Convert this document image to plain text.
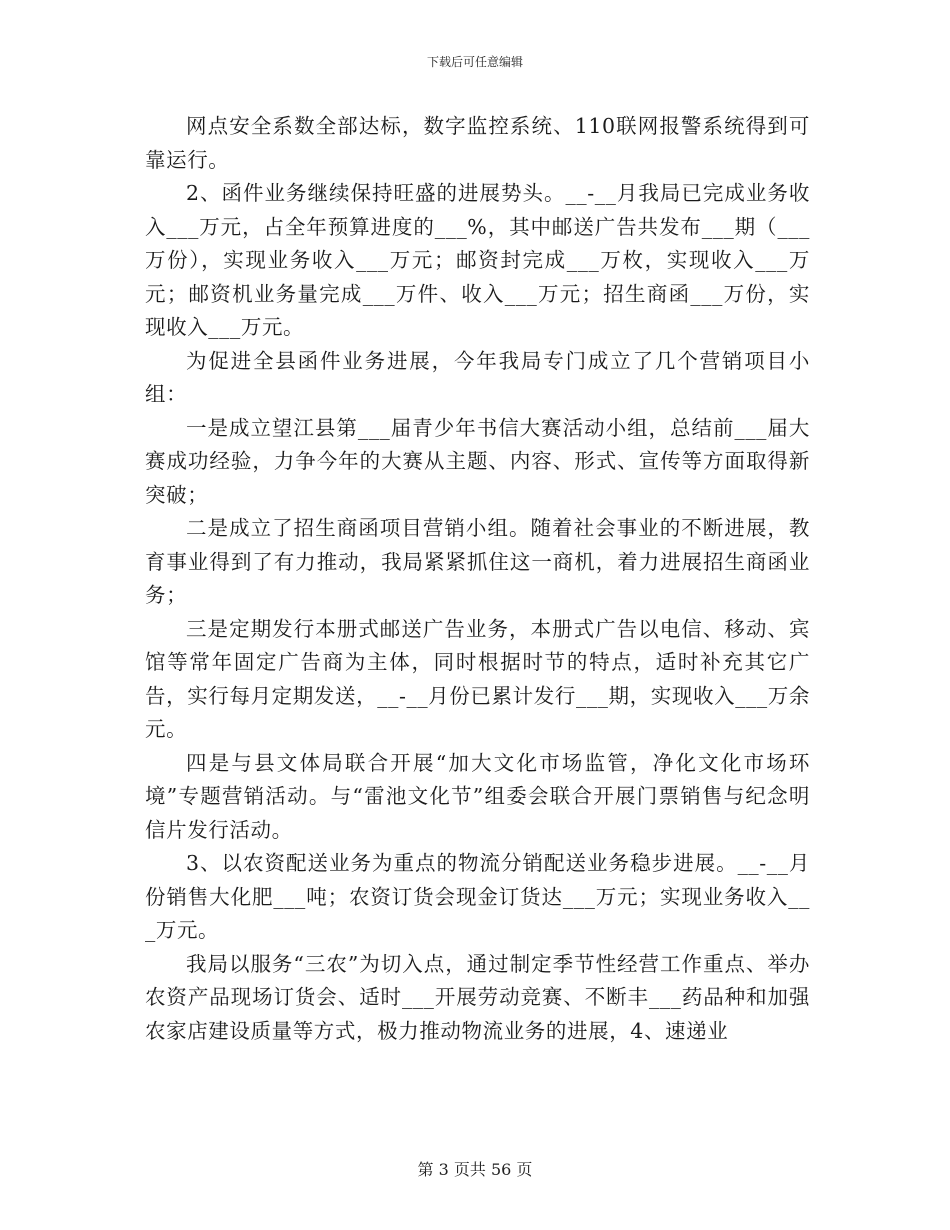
下载后可任意编辑

网点安全系数全部达标，数字监控系统、110联网报警系统得到可靠运行。

2、函件业务继续保持旺盛的进展势头。__-__月我局已完成业务收入___万元，占全年预算进度的___%，其中邮送广告共发布___期（___万份），实现业务收入___万元；邮资封完成___万枚，实现收入___万元；邮资机业务量完成___万件、收入___万元；招生商函___万份，实现收入___万元。

为促进全县函件业务进展，今年我局专门成立了几个营销项目小组：

一是成立望江县第___届青少年书信大赛活动小组，总结前___届大赛成功经验，力争今年的大赛从主题、内容、形式、宣传等方面取得新突破；

二是成立了招生商函项目营销小组。随着社会事业的不断进展，教育事业得到了有力推动，我局紧紧抓住这一商机，着力进展招生商函业务；

三是定期发行本册式邮送广告业务，本册式广告以电信、移动、宾馆等常年固定广告商为主体，同时根据时节的特点，适时补充其它广告，实行每月定期发送，__-__月份已累计发行___期，实现收入___万余元。

四是与县文体局联合开展“加大文化市场监管，净化文化市场环境”专题营销活动。与“雷池文化节”组委会联合开展门票销售与纪念明信片发行活动。

3、以农资配送业务为重点的物流分销配送业务稳步进展。__-__月份销售大化肥___吨；农资订货会现金订货达___万元；实现业务收入___万元。

我局以服务“三农”为切入点，通过制定季节性经营工作重点、举办农资产品现场订货会、适时___开展劳动竞赛、不断丰___药品种和加强农家店建设质量等方式，极力推动物流业务的进展，4、速递业

第 3 页共 56 页
